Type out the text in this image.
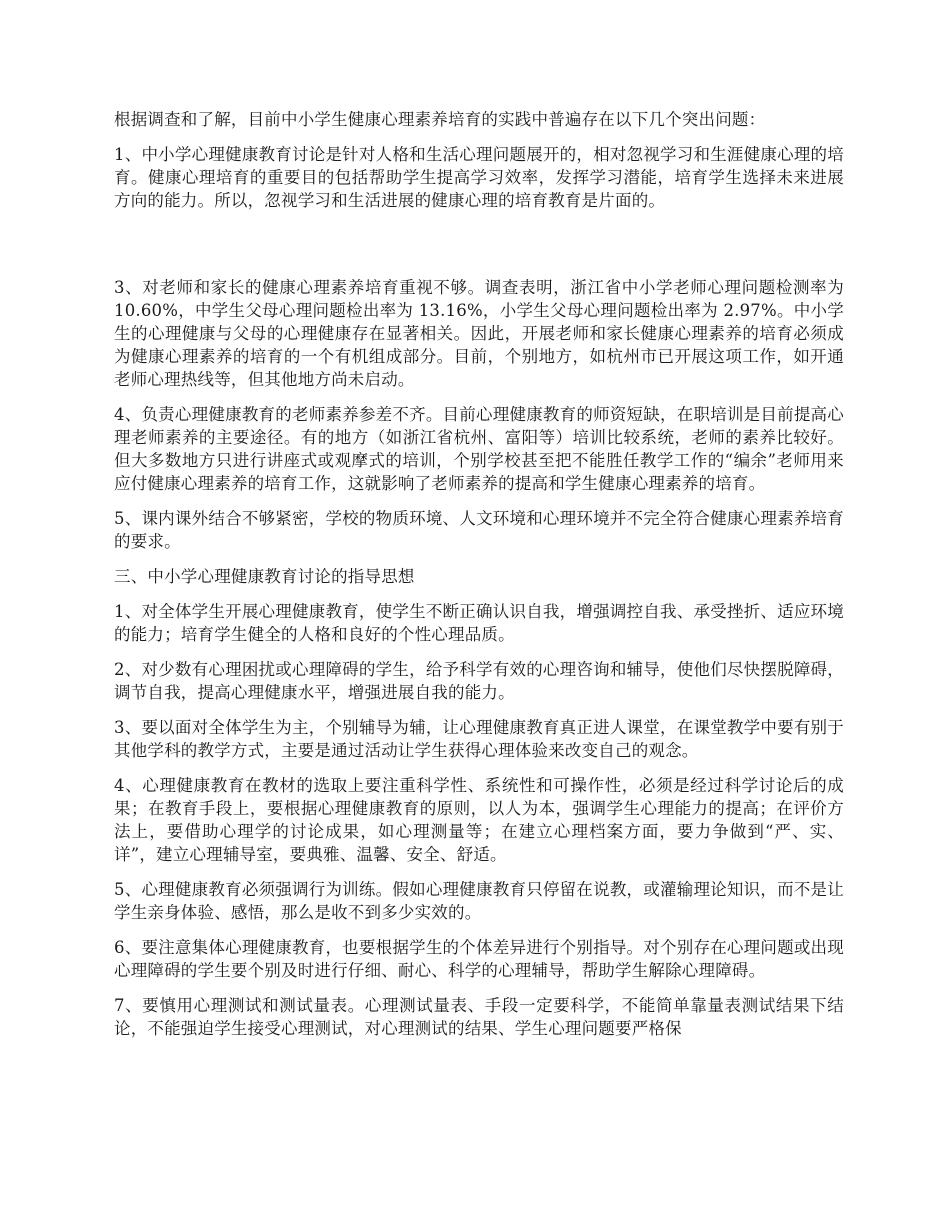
根据调查和了解，目前中小学生健康心理素养培育的实践中普遍存在以下几个突出问题：

1、中小学心理健康教育讨论是针对人格和生活心理问题展开的，相对忽视学习和生涯健康心理的培育。健康心理培育的重要目的包括帮助学生提高学习效率，发挥学习潜能，培育学生选择未来进展方向的能力。所以，忽视学习和生活进展的健康心理的培育教育是片面的。

3、对老师和家长的健康心理素养培育重视不够。调查表明，浙江省中小学老师心理问题检测率为 10.60%，中学生父母心理问题检出率为 13.16%，小学生父母心理问题检出率为 2.97%。中小学生的心理健康与父母的心理健康存在显著相关。因此，开展老师和家长健康心理素养的培育必须成为健康心理素养的培育的一个有机组成部分。目前，个别地方，如杭州市已开展这项工作，如开通老师心理热线等，但其他地方尚未启动。

4、负责心理健康教育的老师素养参差不齐。目前心理健康教育的师资短缺，在职培训是目前提高心理老师素养的主要途径。有的地方（如浙江省杭州、富阳等）培训比较系统，老师的素养比较好。但大多数地方只进行讲座式或观摩式的培训，个别学校甚至把不能胜任教学工作的“编余”老师用来应付健康心理素养的培育工作，这就影响了老师素养的提高和学生健康心理素养的培育。

5、课内课外结合不够紧密，学校的物质环境、人文环境和心理环境并不完全符合健康心理素养培育的要求。

三、中小学心理健康教育讨论的指导思想

1、对全体学生开展心理健康教育，使学生不断正确认识自我，增强调控自我、承受挫折、适应环境的能力；培育学生健全的人格和良好的个性心理品质。

2、对少数有心理困扰或心理障碍的学生，给予科学有效的心理咨询和辅导，使他们尽快摆脱障碍，调节自我，提高心理健康水平，增强进展自我的能力。

3、要以面对全体学生为主，个别辅导为辅，让心理健康教育真正进人课堂，在课堂教学中要有别于其他学科的教学方式，主要是通过活动让学生获得心理体验来改变自己的观念。

4、心理健康教育在教材的选取上要注重科学性、系统性和可操作性，必须是经过科学讨论后的成果；在教育手段上，要根据心理健康教育的原则，以人为本，强调学生心理能力的提高；在评价方法上，要借助心理学的讨论成果，如心理测量等；在建立心理档案方面，要力争做到“严、实、详”，建立心理辅导室，要典雅、温馨、安全、舒适。

5、心理健康教育必须强调行为训练。假如心理健康教育只停留在说教，或灌输理论知识，而不是让学生亲身体验、感悟，那么是收不到多少实效的。

6、要注意集体心理健康教育，也要根据学生的个体差异进行个别指导。对个别存在心理问题或出现心理障碍的学生要个别及时进行仔细、耐心、科学的心理辅导，帮助学生解除心理障碍。

7、要慎用心理测试和测试量表。心理测试量表、手段一定要科学，不能简单靠量表测试结果下结论，不能强迫学生接受心理测试，对心理测试的结果、学生心理问题要严格保
